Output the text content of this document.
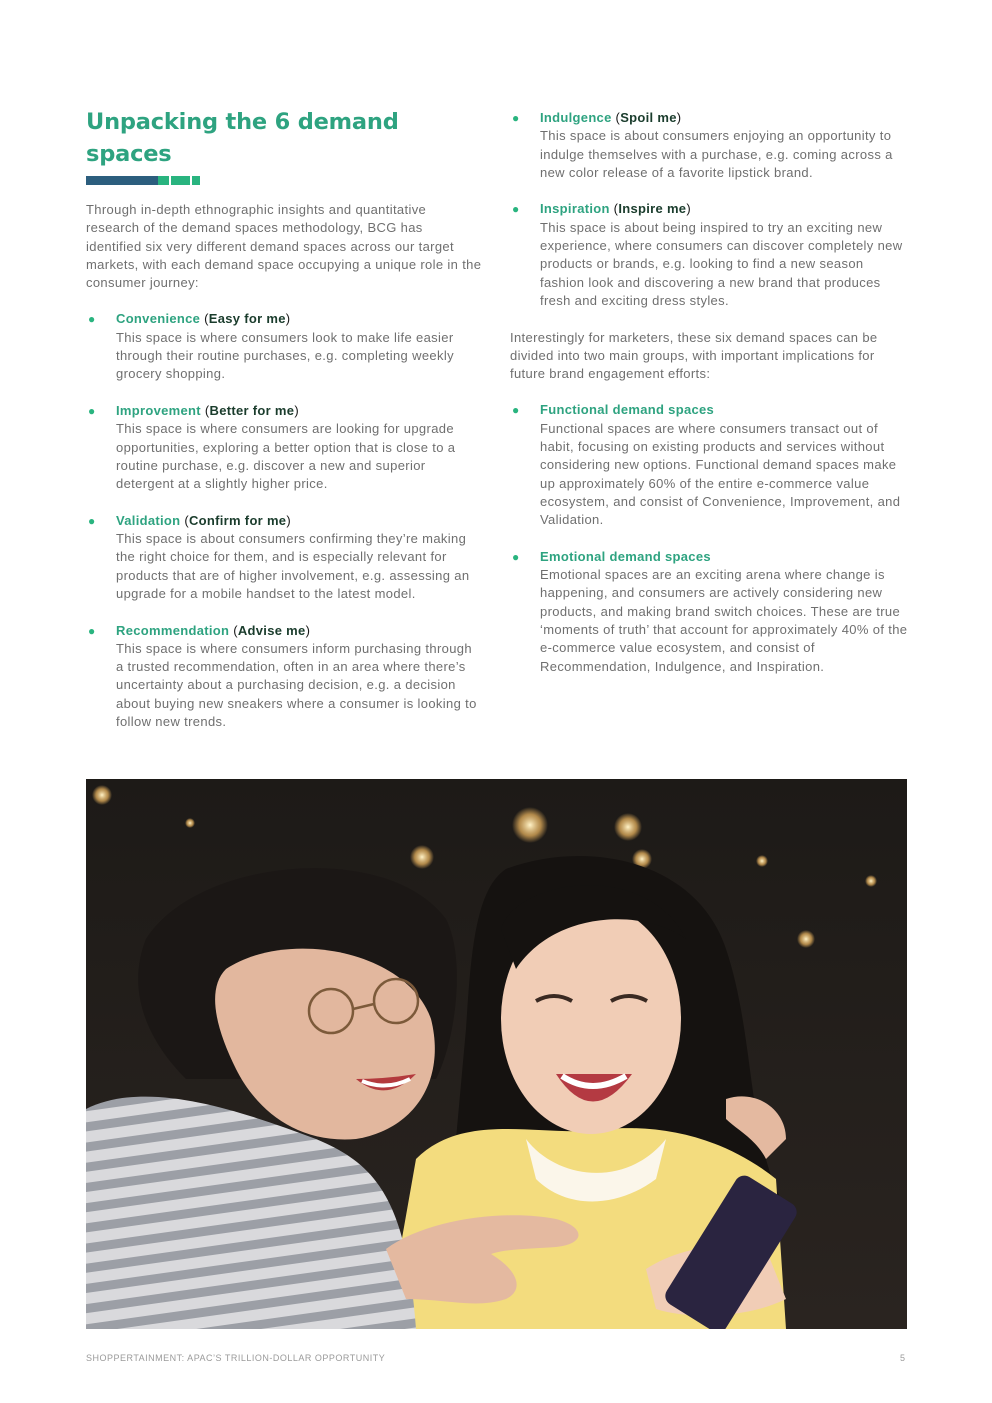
Unpacking the 6 demand spaces

Through in-depth ethnographic insights and quantitative research of the demand spaces methodology, BCG has identified six very different demand spaces across our target markets, with each demand space occupying a unique role in the consumer journey:

● Convenience (Easy for me)

This space is where consumers look to make life easier through their routine purchases, e.g. completing weekly grocery shopping.

● Improvement (Better for me)

This space is where consumers are looking for upgrade opportunities, exploring a better option that is close to a routine purchase, e.g. discover a new and superior detergent at a slightly higher price.

● Validation (Confirm for me)

This space is about consumers confirming they’re making the right choice for them, and is especially relevant for products that are of higher involvement, e.g. assessing an upgrade for a mobile handset to the latest model.

● Recommendation (Advise me)

This space is where consumers inform purchasing through a trusted recommendation, often in an area where there’s uncertainty about a purchasing decision, e.g. a decision about buying new sneakers where a consumer is looking to follow new trends.

● Indulgence (Spoil me)

This space is about consumers enjoying an opportunity to indulge themselves with a purchase, e.g. coming across a new color release of a favorite lipstick brand.

● Inspiration (Inspire me)

This space is about being inspired to try an exciting new experience, where consumers can discover completely new products or brands, e.g. looking to find a new season fashion look and discovering a new brand that produces fresh and exciting dress styles.

Interestingly for marketers, these six demand spaces can be divided into two main groups, with important implications for future brand engagement efforts:

● Functional demand spaces

Functional spaces are where consumers transact out of habit, focusing on existing products and services without considering new options. Functional demand spaces make up approximately 60% of the entire e-commerce value ecosystem, and consist of Convenience, Improvement, and Validation.

● Emotional demand spaces

Emotional spaces are an exciting arena where change is happening, and consumers are actively considering new products, and making brand switch choices. These are true ‘moments of truth’ that account for approximately 40% of the e-commerce value ecosystem, and consist of Recommendation, Indulgence, and Inspiration.

SHOPPERTAINMENT: APAC’S TRILLION-DOLLAR OPPORTUNITY	5
